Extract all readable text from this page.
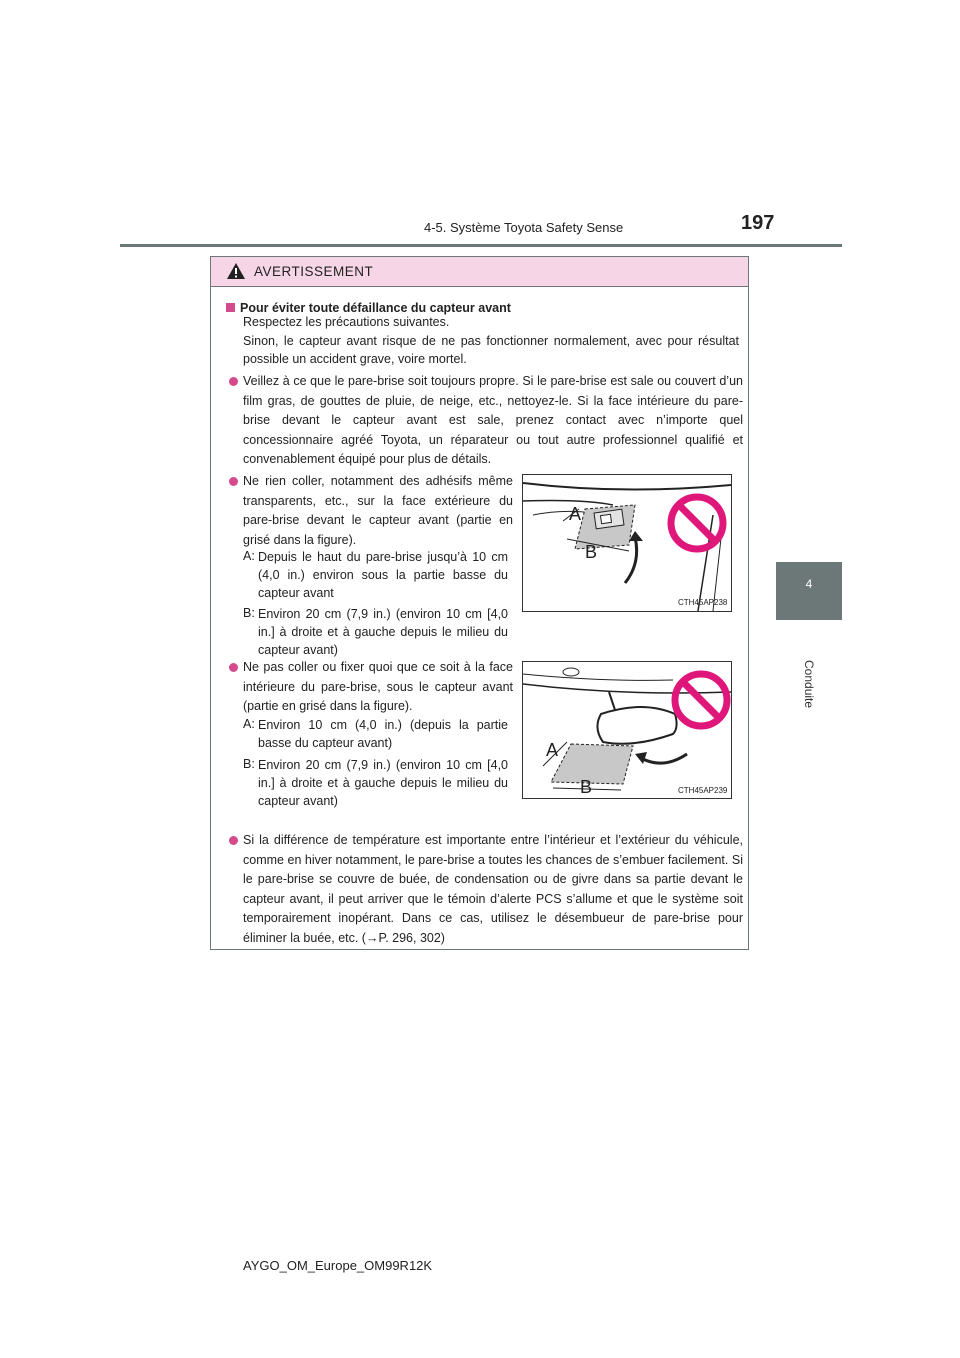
4-5. Système Toyota Safety Sense	197
4
Conduite
AVERTISSEMENT
Pour éviter toute défaillance du capteur avant
Respectez les précautions suivantes.
Sinon, le capteur avant risque de ne pas fonctionner normalement, avec pour résultat possible un accident grave, voire mortel.
Veillez à ce que le pare-brise soit toujours propre. Si le pare-brise est sale ou couvert d’un film gras, de gouttes de pluie, de neige, etc., nettoyez-le. Si la face intérieure du pare-brise devant le capteur avant est sale, prenez contact avec n’importe quel concessionnaire agréé Toyota, un réparateur ou tout autre professionnel qualifié et convenablement équipé pour plus de détails.
Ne rien coller, notamment des adhésifs même transparents, etc., sur la face extérieure du pare-brise devant le capteur avant (partie en grisé dans la figure).
A: Depuis le haut du pare-brise jusqu’à 10 cm (4,0 in.) environ sous la partie basse du capteur avant
B: Environ 20 cm (7,9 in.) (environ 10 cm [4,0 in.] à droite et à gauche depuis le milieu du capteur avant)
A
B
CTH45AP238
Ne pas coller ou fixer quoi que ce soit à la face intérieure du pare-brise, sous le capteur avant (partie en grisé dans la figure).
A: Environ 10 cm (4,0 in.) (depuis la partie basse du capteur avant)
B: Environ 20 cm (7,9 in.) (environ 10 cm [4,0 in.] à droite et à gauche depuis le milieu du capteur avant)
A
B	CTH45AP239
Si la différence de température est importante entre l’intérieur et l’extérieur du véhicule, comme en hiver notamment, le pare-brise a toutes les chances de s’embuer facilement. Si le pare-brise se couvre de buée, de condensation ou de givre dans sa partie devant le capteur avant, il peut arriver que le témoin d’alerte PCS s’allume et que le système soit temporairement inopérant. Dans ce cas, utilisez le désembueur de pare-brise pour éliminer la buée, etc. (→P. 296, 302)
AYGO_OM_Europe_OM99R12K
